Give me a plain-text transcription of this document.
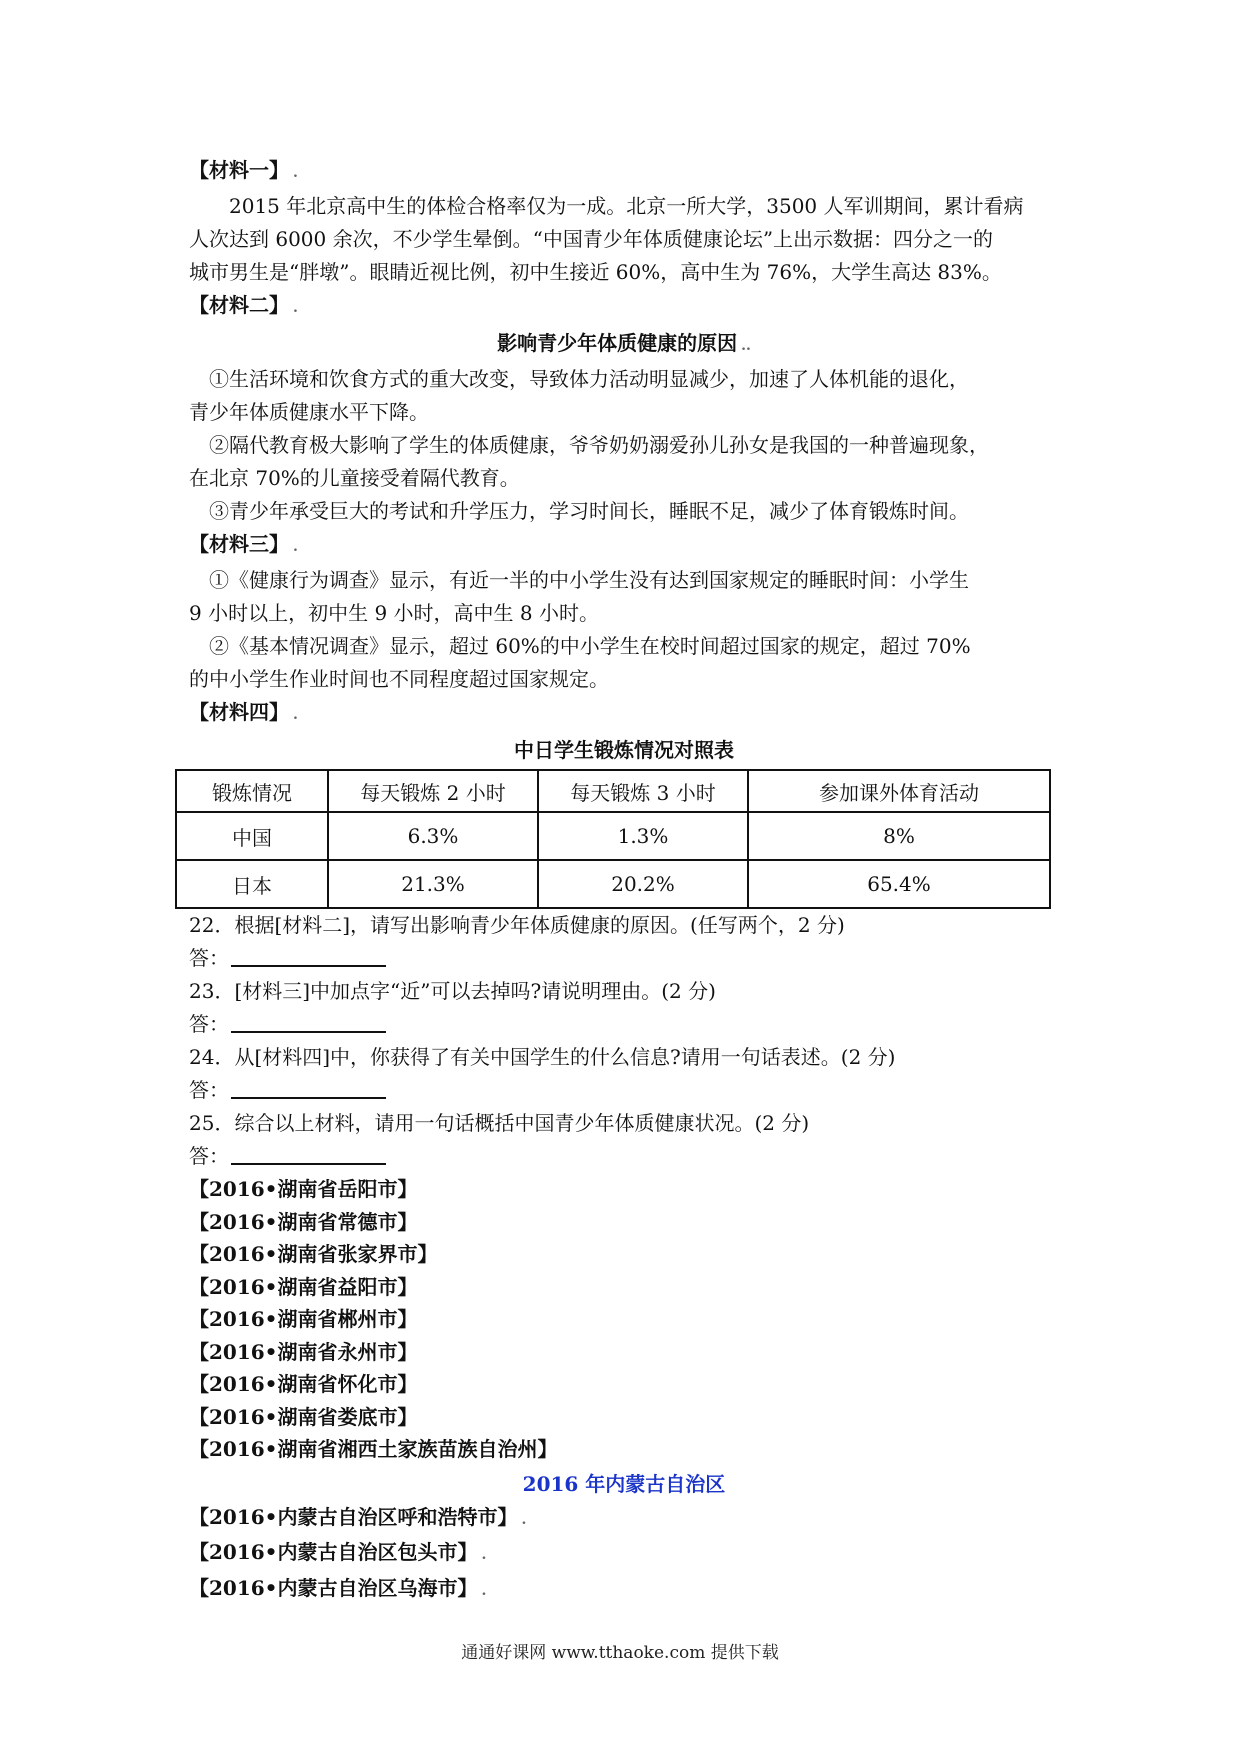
【材料一】 .
2015 年北京高中生的体检合格率仅为一成。北京一所大学，3500 人军训期间，累计看病
人次达到 6000 余次，不少学生晕倒。“中国青少年体质健康论坛”上出示数据：四分之一的
城市男生是“胖墩”。眼睛近视比例，初中生接近 60%，高中生为 76%，大学生高达 83%。
【材料二】 .
影响青少年体质健康的原因 ..
①生活环境和饮食方式的重大改变，导致体力活动明显减少，加速了人体机能的退化，
青少年体质健康水平下降。
②隔代教育极大影响了学生的体质健康，爷爷奶奶溺爱孙儿孙女是我国的一种普遍现象，
在北京 70%的儿童接受着隔代教育。
③青少年承受巨大的考试和升学压力，学习时间长，睡眠不足，减少了体育锻炼时间。
【材料三】 .
①《健康行为调查》显示，有近一半的中小学生没有达到国家规定的睡眠时间：小学生
9 小时以上，初中生 9 小时，高中生 8 小时。
②《基本情况调查》显示，超过 60%的中小学生在校时间超过国家的规定，超过 70%
的中小学生作业时间也不同程度超过国家规定。
【材料四】 .
中日学生锻炼情况对照表
锻炼情况	每天锻炼 2 小时	每天锻炼 3 小时	参加课外体育活动
中国	6.3%	1.3%	8%
日本	21.3%	20.2%	65.4%
22．根据[材料二]，请写出影响青少年体质健康的原因。(任写两个，2 分)
答：
23．[材料三]中加点字“近”可以去掉吗?请说明理由。(2 分)
答：
24．从[材料四]中，你获得了有关中国学生的什么信息?请用一句话表述。(2 分)
答：
25．综合以上材料，请用一句话概括中国青少年体质健康状况。(2 分)
答：
【2016•湖南省岳阳市】
【2016•湖南省常德市】
【2016•湖南省张家界市】
【2016•湖南省益阳市】
【2016•湖南省郴州市】
【2016•湖南省永州市】
【2016•湖南省怀化市】
【2016•湖南省娄底市】
【2016•湖南省湘西土家族苗族自治州】
2016 年内蒙古自治区
【2016•内蒙古自治区呼和浩特市】 .
【2016•内蒙古自治区包头市】 .
【2016•内蒙古自治区乌海市】 .
通通好课网 www.tthaoke.com 提供下载
